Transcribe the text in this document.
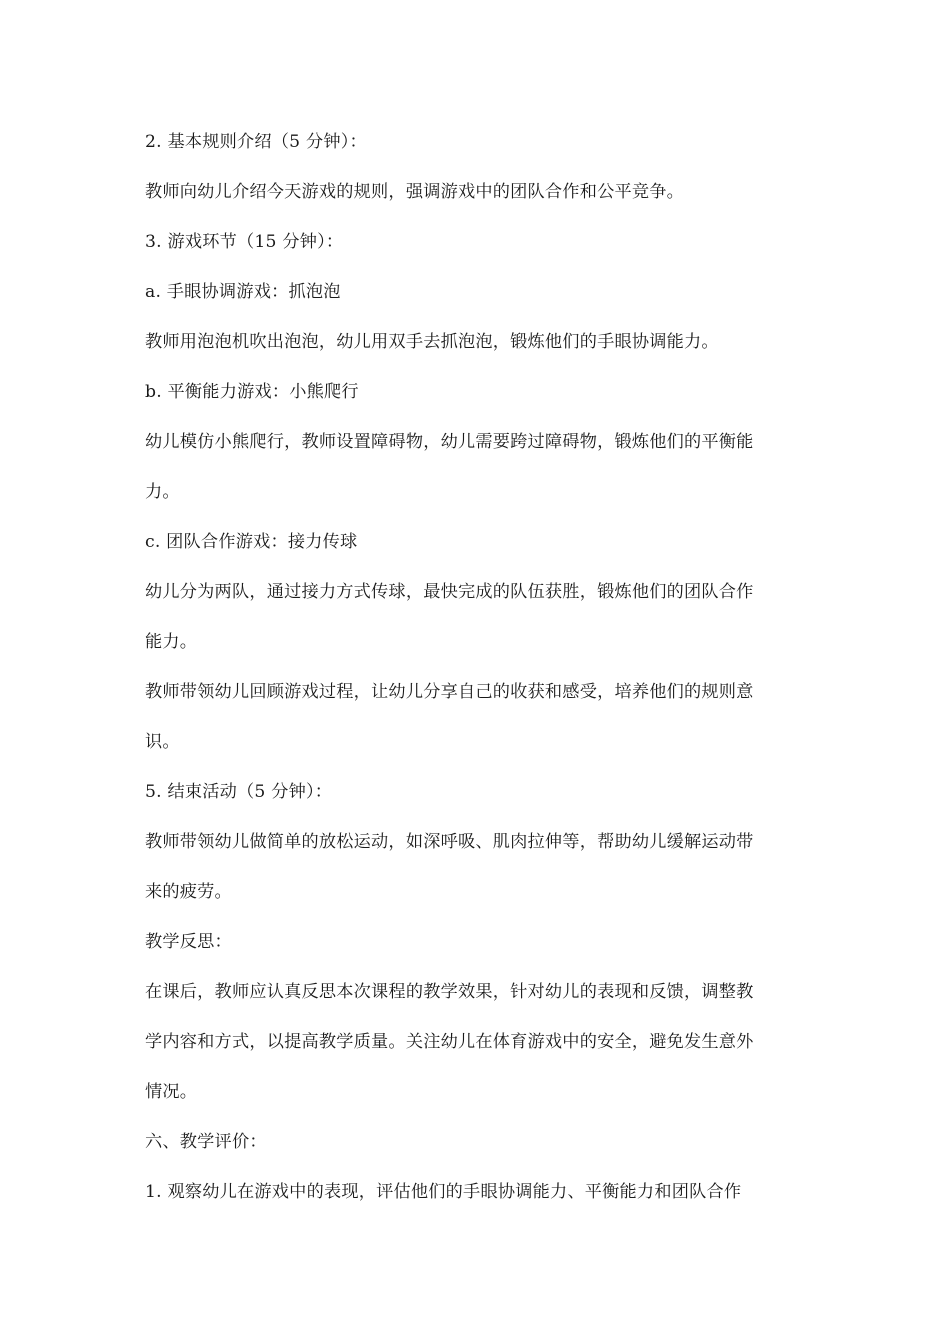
2. 基本规则介绍（5 分钟）：
教师向幼儿介绍今天游戏的规则，强调游戏中的团队合作和公平竞争。
3. 游戏环节（15 分钟）：
a. 手眼协调游戏：抓泡泡
教师用泡泡机吹出泡泡，幼儿用双手去抓泡泡，锻炼他们的手眼协调能力。
b. 平衡能力游戏：小熊爬行
幼儿模仿小熊爬行，教师设置障碍物，幼儿需要跨过障碍物，锻炼他们的平衡能
力。
c. 团队合作游戏：接力传球
幼儿分为两队，通过接力方式传球，最快完成的队伍获胜，锻炼他们的团队合作
能力。
教师带领幼儿回顾游戏过程，让幼儿分享自己的收获和感受，培养他们的规则意
识。
5. 结束活动（5 分钟）：
教师带领幼儿做简单的放松运动，如深呼吸、肌肉拉伸等，帮助幼儿缓解运动带
来的疲劳。
教学反思：
在课后，教师应认真反思本次课程的教学效果，针对幼儿的表现和反馈，调整教
学内容和方式，以提高教学质量。关注幼儿在体育游戏中的安全，避免发生意外
情况。
六、教学评价：
1. 观察幼儿在游戏中的表现，评估他们的手眼协调能力、平衡能力和团队合作
